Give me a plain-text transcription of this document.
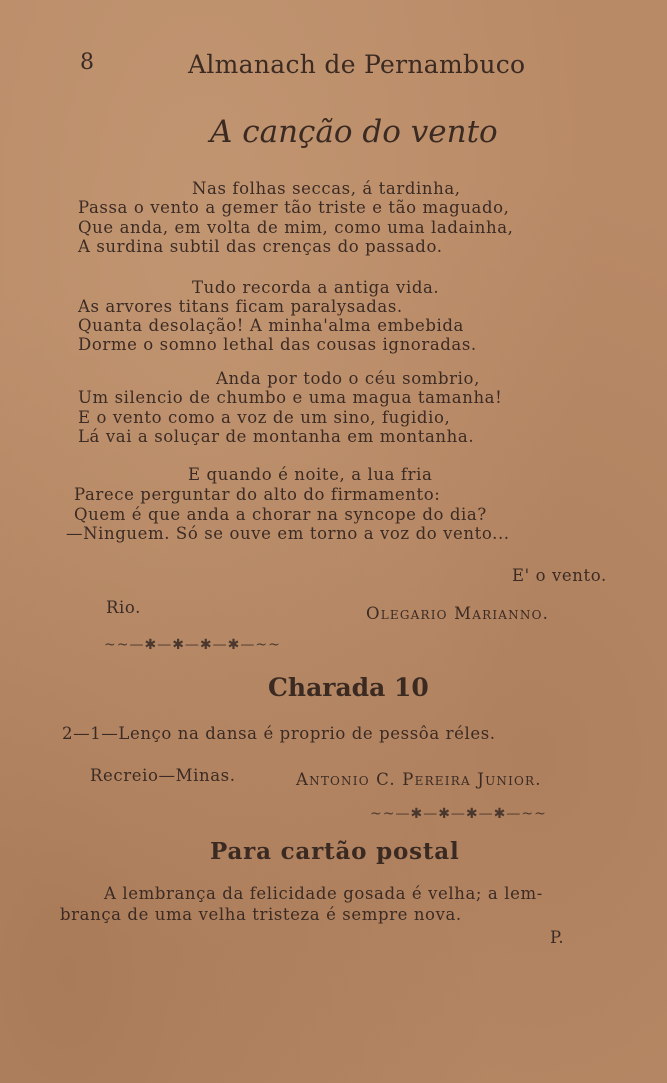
8	Almanach de Pernambuco
A canção do vento
Nas folhas seccas, á tardinha,
Passa o vento a gemer tão triste e tão maguado,
Que anda, em volta de mim, como uma ladainha,
A surdina subtil das crenças do passado.
Tudo recorda a antiga vida.
As arvores titans ficam paralysadas.
Quanta desolação! A minha'alma embebida
Dorme o somno lethal das cousas ignoradas.
Anda por todo o céu sombrio,
Um silencio de chumbo e uma magua tamanha!
E o vento como a voz de um sino, fugidio,
Lá vai a soluçar de montanha em montanha.
E quando é noite, a lua fria
Parece perguntar do alto do firmamento:
Quem é que anda a chorar na syncope do dia?
—Ninguem. Só se ouve em torno a voz do vento...
E' o vento.
Rio.	Olegario Marianno.
~~—✱—✱—✱—✱—~~
Charada 10
2—1—Lenço na dansa é proprio de pessôa réles.
Recreio—Minas.	Antonio C. Pereira Junior.
~~—✱—✱—✱—✱—~~
Para cartão postal
A lembrança da felicidade gosada é velha; a lem-
brança de uma velha tristeza é sempre nova.
P.
